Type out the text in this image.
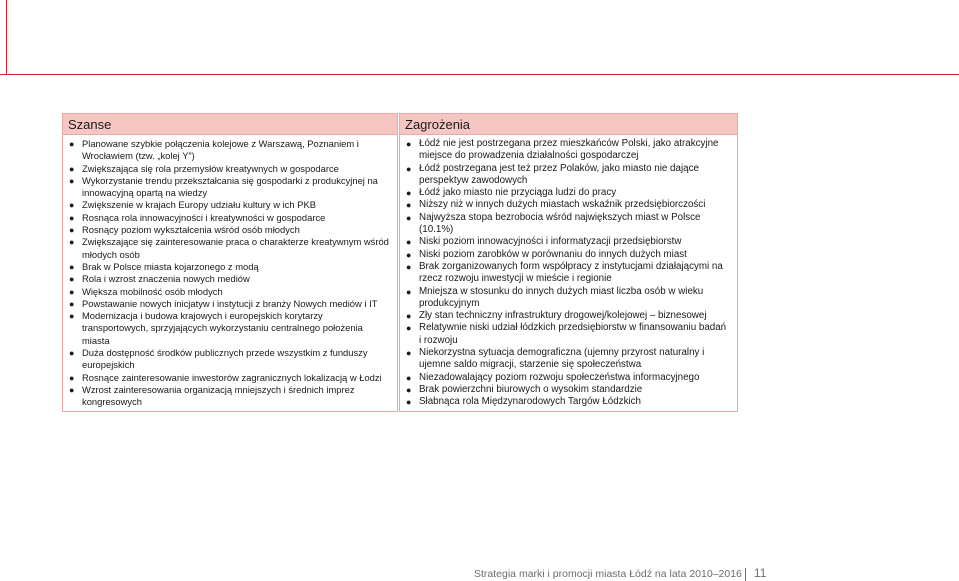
Szanse
● Planowane szybkie połączenia kolejowe z Warszawą, Poznaniem i Wrocławiem (tzw. „kolej Y”)
● Zwiększająca się rola przemysłów kreatywnych w gospodarce
● Wykorzystanie trendu przekształcania się gospodarki z produkcyjnej na innowacyjną opartą na wiedzy
● Zwiększenie w krajach Europy udziału kultury w ich PKB
● Rosnąca rola innowacyjności i kreatywności w gospodarce
● Rosnący poziom wykształcenia wśród osób młodych
● Zwiększające się zainteresowanie praca o charakterze kreatywnym wśród młodych osób
● Brak w Polsce miasta kojarzonego z modą
● Rola i wzrost znaczenia nowych mediów
● Większa mobilność osób młodych
● Powstawanie nowych inicjatyw i instytucji z branży Nowych mediów i IT
● Modernizacja i budowa krajowych i europejskich korytarzy transportowych, sprzyjających wykorzystaniu centralnego położenia miasta
● Duża dostępność środków publicznych przede wszystkim z funduszy europejskich
● Rosnące zainteresowanie inwestorów zagranicznych lokalizacją w Łodzi
● Wzrost zainteresowania organizacją mniejszych i średnich imprez kongresowych
Zagrożenia
● Łódź nie jest postrzegana przez mieszkańców Polski, jako atrakcyjne miejsce do prowadzenia działalności gospodarczej
● Łódź postrzegana jest też przez Polaków, jako miasto nie dające perspektyw zawodowych
● Łódź jako miasto nie przyciąga ludzi do pracy
● Niższy niż w innych dużych miastach wskaźnik przedsiębiorczości
● Najwyższa stopa bezrobocia wśród największych miast w Polsce (10.1%)
● Niski poziom innowacyjności i informatyzacji przedsiębiorstw
● Niski poziom zarobków w porównaniu do innych dużych miast
● Brak zorganizowanych form współpracy z instytucjami działającymi na rzecz rozwoju inwestycji w mieście i regionie
● Mniejsza w stosunku do innych dużych miast liczba osób w wieku produkcyjnym
● Zły stan techniczny infrastruktury drogowej/kolejowej – biznesowej
● Relatywnie niski udział łódzkich przedsiębiorstw w finansowaniu badań i rozwoju
● Niekorzystna sytuacja demograficzna (ujemny przyrost naturalny i ujemne saldo migracji, starzenie się społeczeństwa
● Niezadowalający poziom rozwoju społeczeństwa informacyjnego
● Brak powierzchni biurowych o wysokim standardzie
● Słabnąca rola Międzynarodowych Targów Łódzkich
Strategia marki i promocji miasta Łódź na lata 2010–2016 11
